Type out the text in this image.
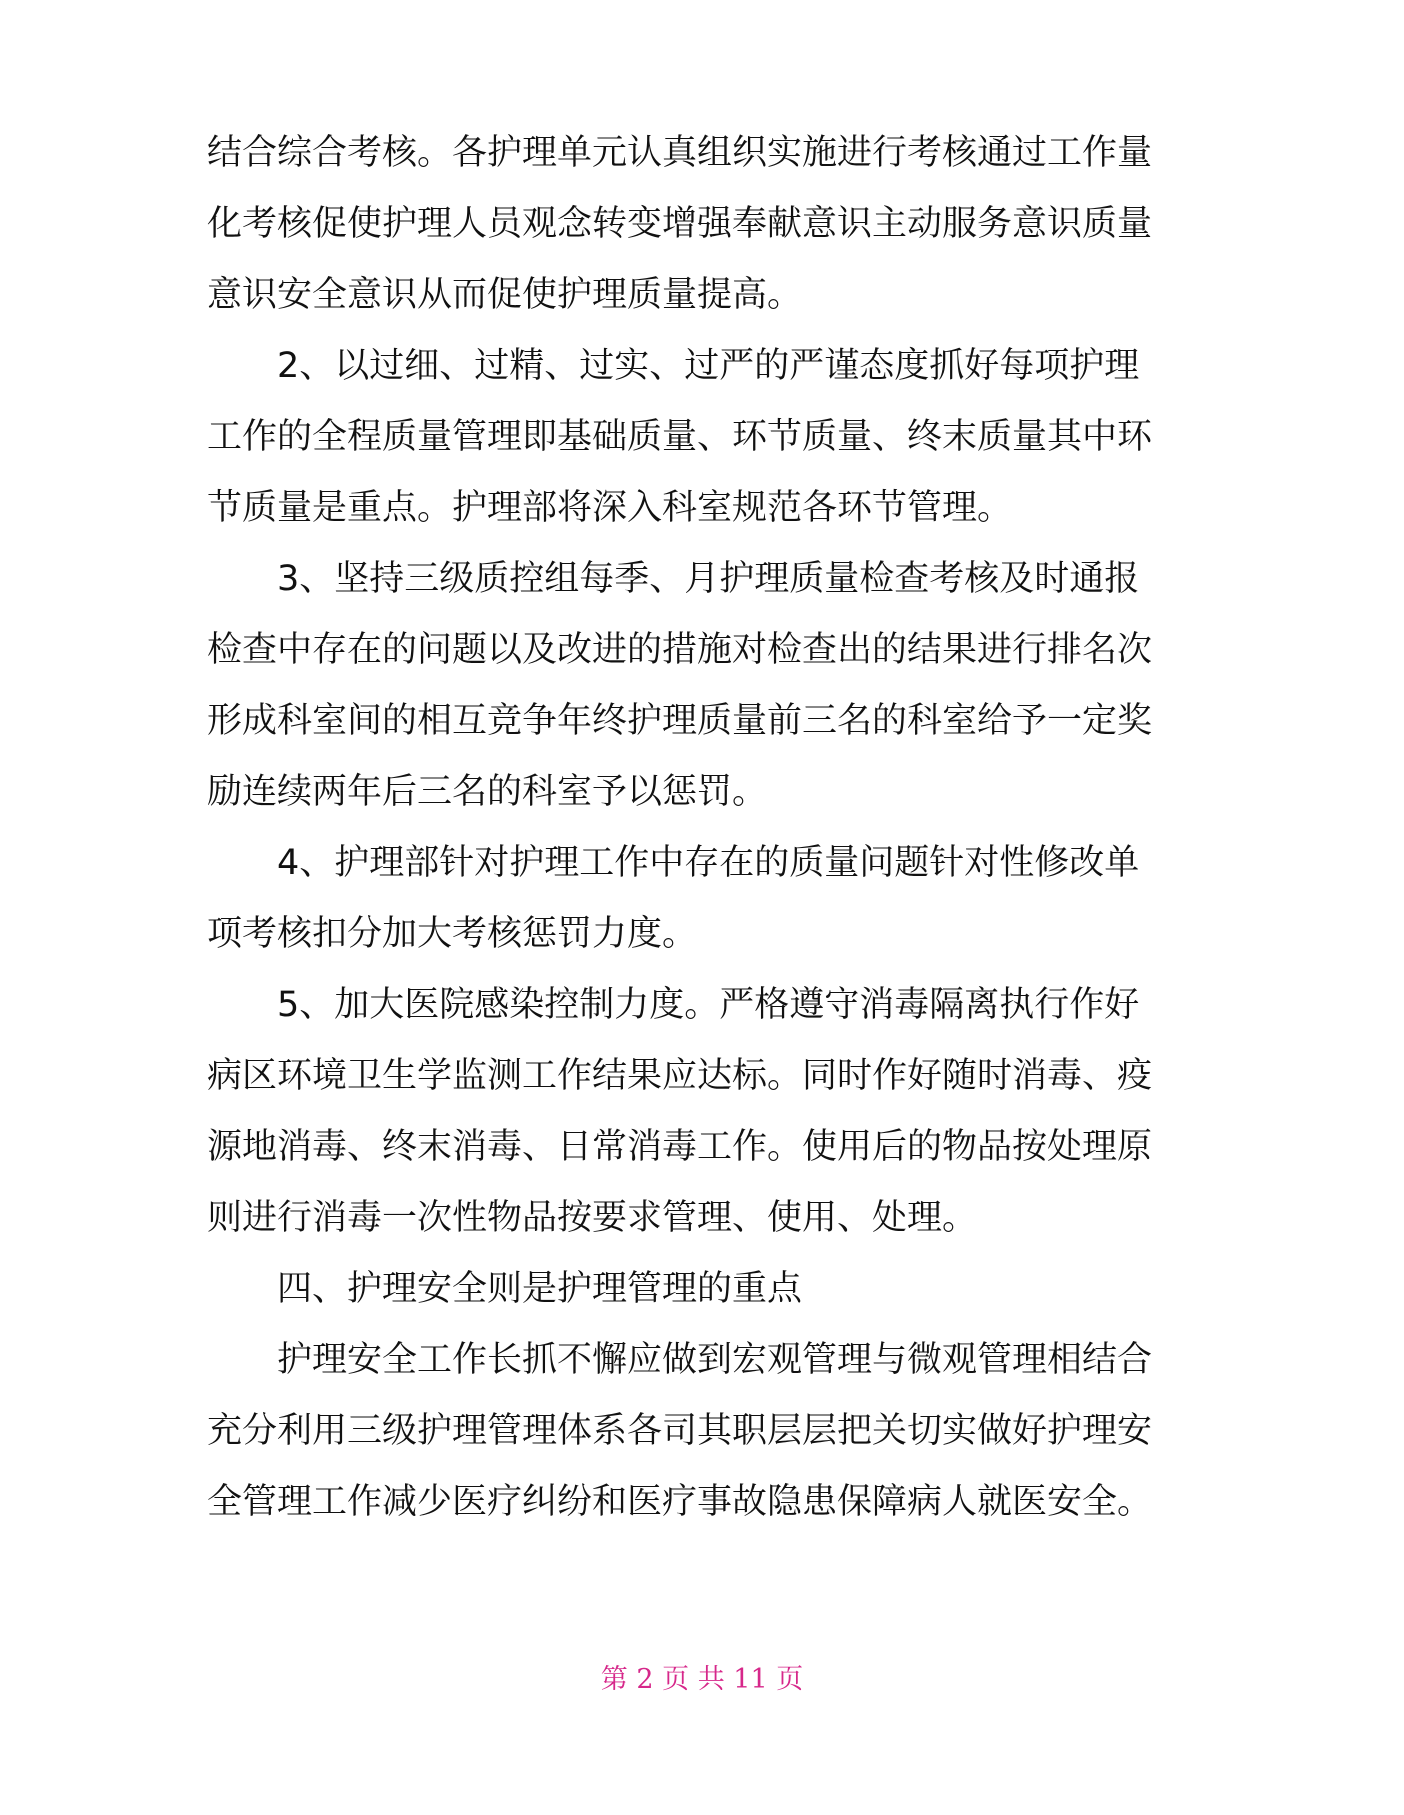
结合综合考核。各护理单元认真组织实施进行考核通过工作量
化考核促使护理人员观念转变增强奉献意识主动服务意识质量
意识安全意识从而促使护理质量提高。
2、以过细、过精、过实、过严的严谨态度抓好每项护理
工作的全程质量管理即基础质量、环节质量、终末质量其中环
节质量是重点。护理部将深入科室规范各环节管理。
3、坚持三级质控组每季、月护理质量检查考核及时通报
检查中存在的问题以及改进的措施对检查出的结果进行排名次
形成科室间的相互竞争年终护理质量前三名的科室给予一定奖
励连续两年后三名的科室予以惩罚。
4、护理部针对护理工作中存在的质量问题针对性修改单
项考核扣分加大考核惩罚力度。
5、加大医院感染控制力度。严格遵守消毒隔离执行作好
病区环境卫生学监测工作结果应达标。同时作好随时消毒、疫
源地消毒、终末消毒、日常消毒工作。使用后的物品按处理原
则进行消毒一次性物品按要求管理、使用、处理。
四、护理安全则是护理管理的重点
护理安全工作长抓不懈应做到宏观管理与微观管理相结合
充分利用三级护理管理体系各司其职层层把关切实做好护理安
全管理工作减少医疗纠纷和医疗事故隐患保障病人就医安全。
第 2 页 共 11 页
